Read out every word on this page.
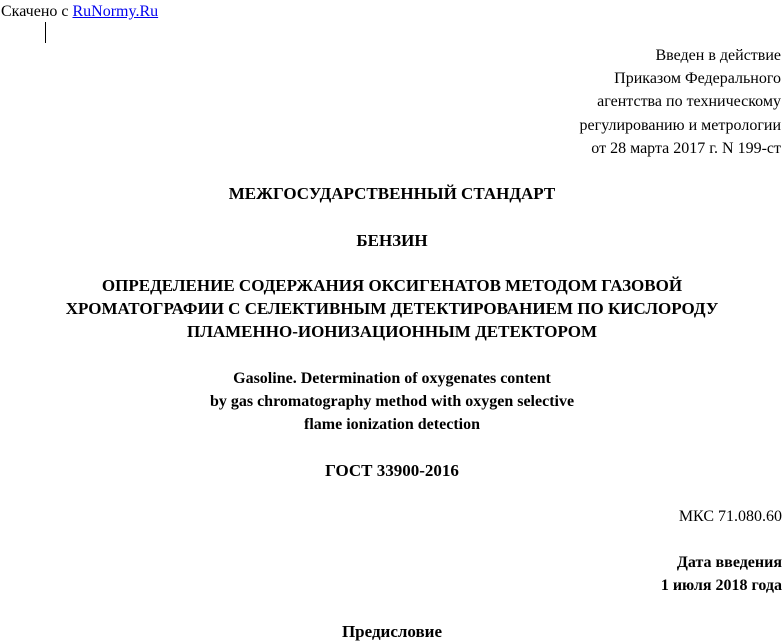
Скачено с RuNormy.Ru
Введен в действие
Приказом Федерального
агентства по техническому
регулированию и метрологии
от 28 марта 2017 г. N 199-ст
МЕЖГОСУДАРСТВЕННЫЙ СТАНДАРТ
БЕНЗИН
ОПРЕДЕЛЕНИЕ СОДЕРЖАНИЯ ОКСИГЕНАТОВ МЕТОДОМ ГАЗОВОЙ
ХРОМАТОГРАФИИ С СЕЛЕКТИВНЫМ ДЕТЕКТИРОВАНИЕМ ПО КИСЛОРОДУ
ПЛАМЕННО-ИОНИЗАЦИОННЫМ ДЕТЕКТОРОМ
Gasoline. Determination of oxygenates content
by gas chromatography method with oxygen selective
flame ionization detection
ГОСТ 33900-2016
МКС 71.080.60
Дата введения
1 июля 2018 года
Предисловие
